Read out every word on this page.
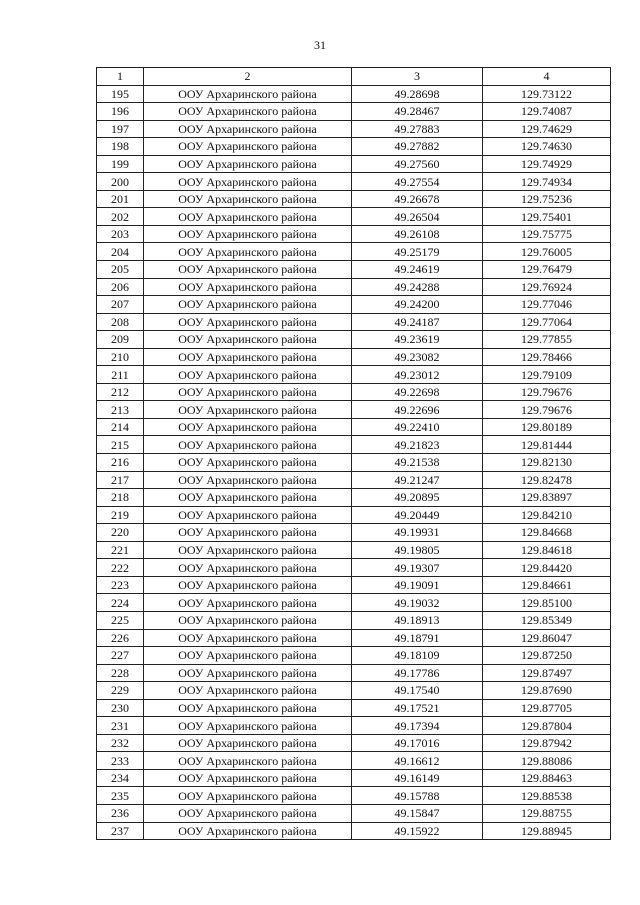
31
1	2	3	4
195	ООУ Архаринского района	49.28698	129.73122
196	ООУ Архаринского района	49.28467	129.74087
197	ООУ Архаринского района	49.27883	129.74629
198	ООУ Архаринского района	49.27882	129.74630
199	ООУ Архаринского района	49.27560	129.74929
200	ООУ Архаринского района	49.27554	129.74934
201	ООУ Архаринского района	49.26678	129.75236
202	ООУ Архаринского района	49.26504	129.75401
203	ООУ Архаринского района	49.26108	129.75775
204	ООУ Архаринского района	49.25179	129.76005
205	ООУ Архаринского района	49.24619	129.76479
206	ООУ Архаринского района	49.24288	129.76924
207	ООУ Архаринского района	49.24200	129.77046
208	ООУ Архаринского района	49.24187	129.77064
209	ООУ Архаринского района	49.23619	129.77855
210	ООУ Архаринского района	49.23082	129.78466
211	ООУ Архаринского района	49.23012	129.79109
212	ООУ Архаринского района	49.22698	129.79676
213	ООУ Архаринского района	49.22696	129.79676
214	ООУ Архаринского района	49.22410	129.80189
215	ООУ Архаринского района	49.21823	129.81444
216	ООУ Архаринского района	49.21538	129.82130
217	ООУ Архаринского района	49.21247	129.82478
218	ООУ Архаринского района	49.20895	129.83897
219	ООУ Архаринского района	49.20449	129.84210
220	ООУ Архаринского района	49.19931	129.84668
221	ООУ Архаринского района	49.19805	129.84618
222	ООУ Архаринского района	49.19307	129.84420
223	ООУ Архаринского района	49.19091	129.84661
224	ООУ Архаринского района	49.19032	129.85100
225	ООУ Архаринского района	49.18913	129.85349
226	ООУ Архаринского района	49.18791	129.86047
227	ООУ Архаринского района	49.18109	129.87250
228	ООУ Архаринского района	49.17786	129.87497
229	ООУ Архаринского района	49.17540	129.87690
230	ООУ Архаринского района	49.17521	129.87705
231	ООУ Архаринского района	49.17394	129.87804
232	ООУ Архаринского района	49.17016	129.87942
233	ООУ Архаринского района	49.16612	129.88086
234	ООУ Архаринского района	49.16149	129.88463
235	ООУ Архаринского района	49.15788	129.88538
236	ООУ Архаринского района	49.15847	129.88755
237	ООУ Архаринского района	49.15922	129.88945
